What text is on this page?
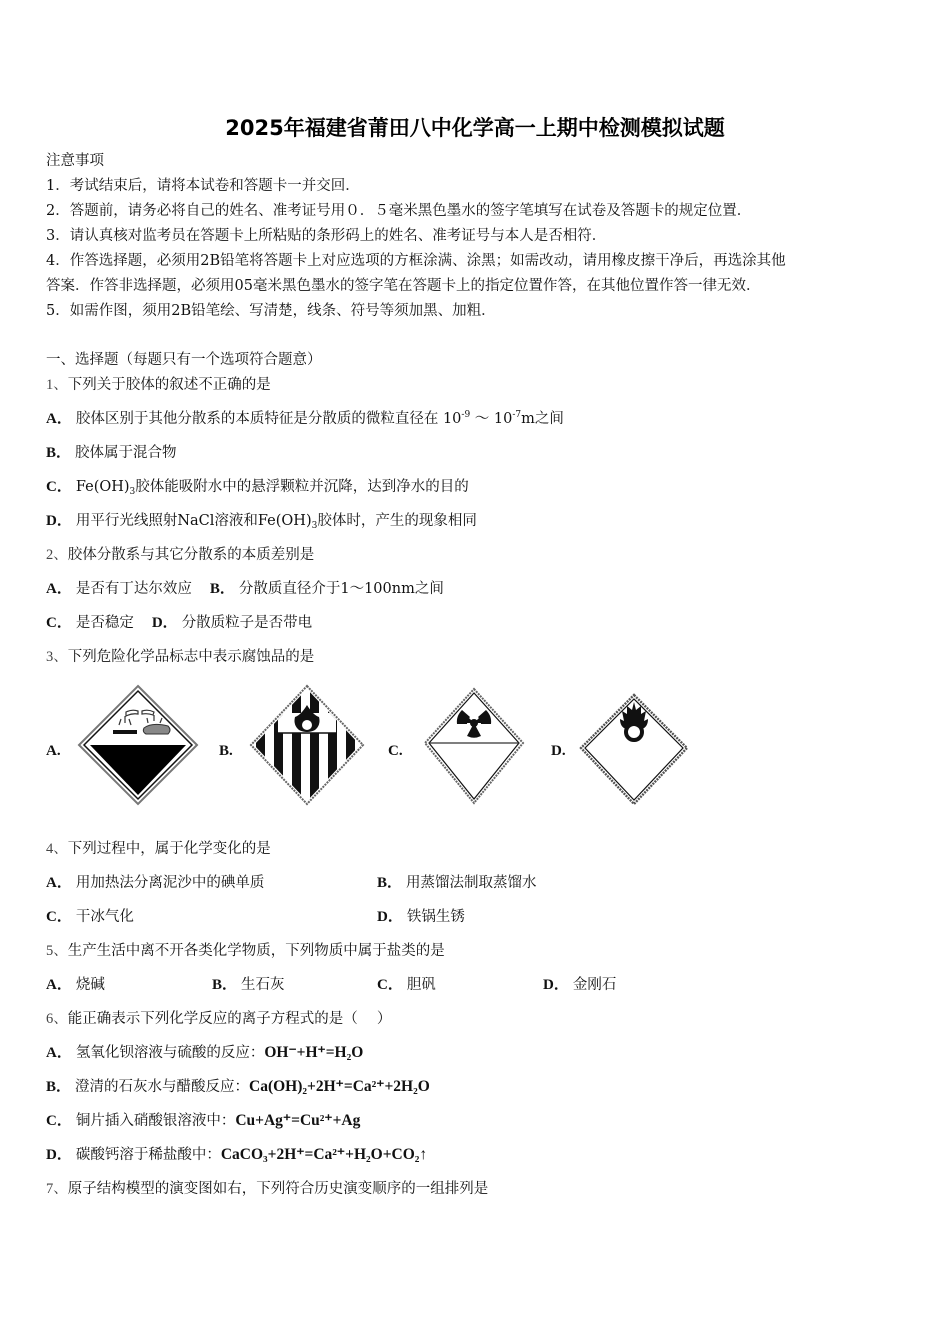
2025年福建省莆田八中化学高一上期中检测模拟试题
注意事项
1．考试结束后，请将本试卷和答题卡一并交回．
2．答题前，请务必将自己的姓名、准考证号用０．５毫米黑色墨水的签字笔填写在试卷及答题卡的规定位置．
3．请认真核对监考员在答题卡上所粘贴的条形码上的姓名、准考证号与本人是否相符．
4．作答选择题，必须用2B铅笔将答题卡上对应选项的方框涂满、涂黑；如需改动，请用橡皮擦干净后，再选涂其他
答案．作答非选择题，必须用05毫米黑色墨水的签字笔在答题卡上的指定位置作答，在其他位置作答一律无效．
5．如需作图，须用2B铅笔绘、写清楚，线条、符号等须加黑、加粗．
一、选择题（每题只有一个选项符合题意）
1、下列关于胶体的叙述不正确的是
A． 胶体区别于其他分散系的本质特征是分散质的微粒直径在 $10^{-9}$ ～ $10^{-7}m$之间
B． 胶体属于混合物
C． $Fe(OH)_3$胶体能吸附水中的悬浮颗粒并沉降，达到净水的目的
D． 用平行光线照射NaCl溶液和$Fe(OH)_3$胶体时，产生的现象相同
2、胶体分散系与其它分散系的本质差别是
A． 是否有丁达尔效应 B． 分散质直径介于1～100nm之间
C． 是否稳定 D． 分散质粒子是否带电
3、下列危险化学品标志中表示腐蚀品的是
A.	B.	C.	D.
4、下列过程中，属于化学变化的是
A． 用加热法分离泥沙中的碘单质	B． 用蒸馏法制取蒸馏水
C． 干冰气化	D． 铁锅生锈
5、生产生活中离不开各类化学物质，下列物质中属于盐类的是
A． 烧碱	B． 生石灰	C． 胆矾	D． 金刚石
6、能正确表示下列化学反应的离子方程式的是（　 ）
A． 氢氧化钡溶液与硫酸的反应：OH⁻+H⁺=H₂O
B． 澄清的石灰水与醋酸反应：Ca(OH)₂+2H⁺=Ca²⁺+2H₂O
C． 铜片插入硝酸银溶液中：Cu+Ag⁺=Cu²⁺+Ag
D． 碳酸钙溶于稀盐酸中：CaCO₃+2H⁺=Ca²⁺+H₂O+CO₂↑
7、原子结构模型的演变图如右，下列符合历史演变顺序的一组排列是
